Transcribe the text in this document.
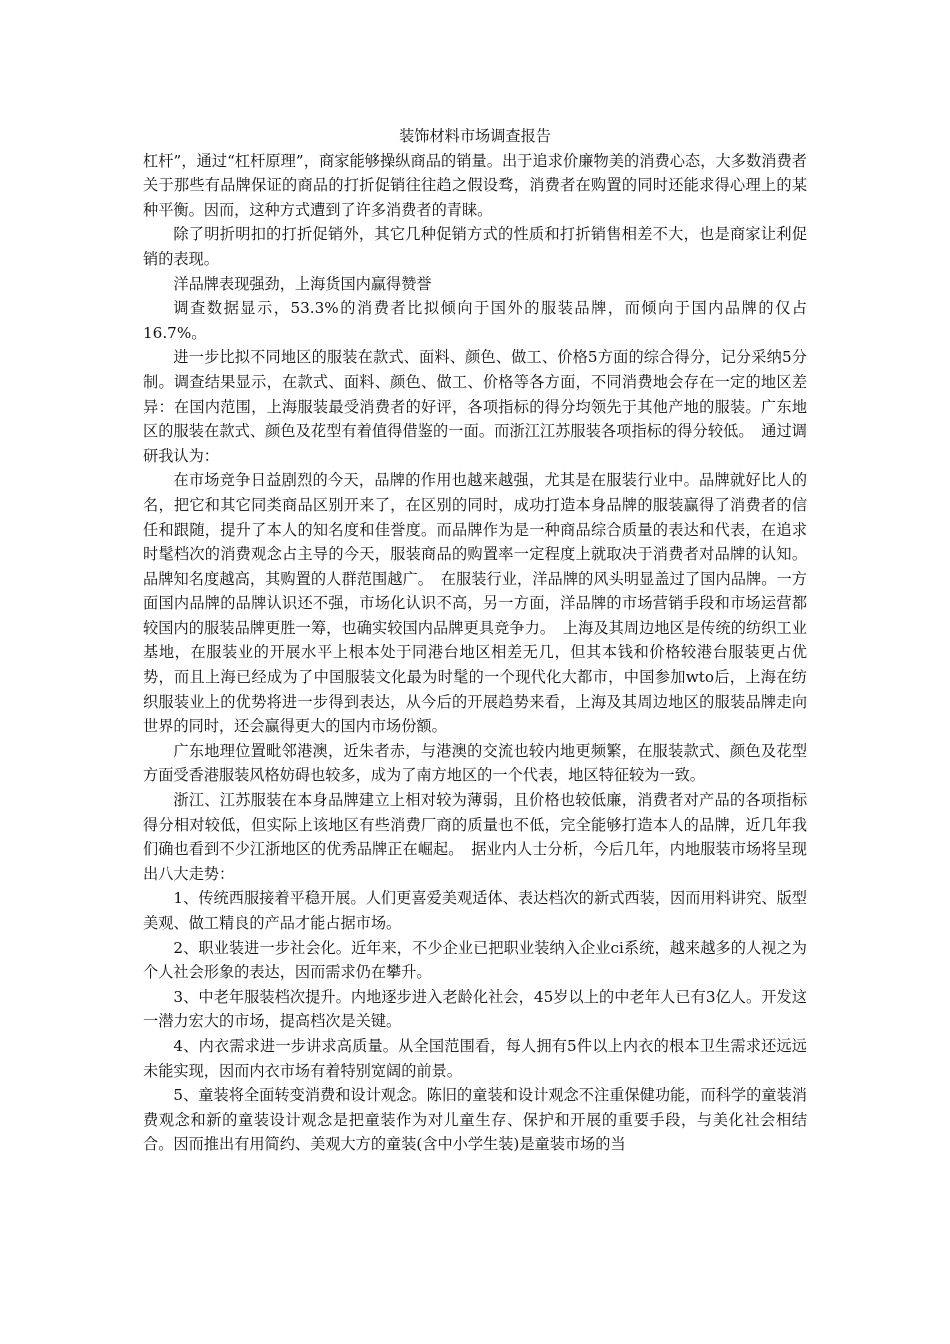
装饰材料市场调查报告

杠杆”，通过“杠杆原理”，商家能够操纵商品的销量。出于追求价廉物美的消费心态，大多数消费者关于那些有品牌保证的商品的打折促销往往趋之假设骛，消费者在购置的同时还能求得心理上的某种平衡。因而，这种方式遭到了许多消费者的青睐。

除了明折明扣的打折促销外，其它几种促销方式的性质和打折销售相差不大，也是商家让利促销的表现。

洋品牌表现强劲，上海货国内赢得赞誉

调查数据显示，53.3%的消费者比拟倾向于国外的服装品牌，而倾向于国内品牌的仅占16.7%。

进一步比拟不同地区的服装在款式、面料、颜色、做工、价格5方面的综合得分，记分采纳5分制。调查结果显示，在款式、面料、颜色、做工、价格等各方面，不同消费地会存在一定的地区差异：在国内范围，上海服装最受消费者的好评，各项指标的得分均领先于其他产地的服装。广东地区的服装在款式、颜色及花型有着值得借鉴的一面。而浙江江苏服装各项指标的得分较低。　通过调研我认为：

在市场竞争日益剧烈的今天，品牌的作用也越来越强，尤其是在服装行业中。品牌就好比人的名，把它和其它同类商品区别开来了，在区别的同时，成功打造本身品牌的服装赢得了消费者的信任和跟随，提升了本人的知名度和佳誉度。而品牌作为是一种商品综合质量的表达和代表，在追求时髦档次的消费观念占主导的今天，服装商品的购置率一定程度上就取决于消费者对品牌的认知。品牌知名度越高，其购置的人群范围越广。　在服装行业，洋品牌的风头明显盖过了国内品牌。一方面国内品牌的品牌认识还不强，市场化认识不高，另一方面，洋品牌的市场营销手段和市场运营都较国内的服装品牌更胜一筹，也确实较国内品牌更具竞争力。　上海及其周边地区是传统的纺织工业基地，在服装业的开展水平上根本处于同港台地区相差无几，但其本钱和价格较港台服装更占优势，而且上海已经成为了中国服装文化最为时髦的一个现代化大都市，中国参加wto后，上海在纺织服装业上的优势将进一步得到表达，从今后的开展趋势来看，上海及其周边地区的服装品牌走向世界的同时，还会赢得更大的国内市场份额。

广东地理位置毗邻港澳，近朱者赤，与港澳的交流也较内地更频繁，在服装款式、颜色及花型方面受香港服装风格妨碍也较多，成为了南方地区的一个代表，地区特征较为一致。

浙江、江苏服装在本身品牌建立上相对较为薄弱，且价格也较低廉，消费者对产品的各项指标得分相对较低，但实际上该地区有些消费厂商的质量也不低，完全能够打造本人的品牌，近几年我们确也看到不少江浙地区的优秀品牌正在崛起。　据业内人士分析，今后几年，内地服装市场将呈现出八大走势：

1、传统西服接着平稳开展。人们更喜爱美观适体、表达档次的新式西装，因而用料讲究、版型美观、做工精良的产品才能占据市场。

2、职业装进一步社会化。近年来，不少企业已把职业装纳入企业ci系统，越来越多的人视之为个人社会形象的表达，因而需求仍在攀升。

3、中老年服装档次提升。内地逐步进入老龄化社会，45岁以上的中老年人已有3亿人。开发这一潜力宏大的市场，提高档次是关键。

4、内衣需求进一步讲求高质量。从全国范围看，每人拥有5件以上内衣的根本卫生需求还远远未能实现，因而内衣市场有着特别宽阔的前景。

5、童装将全面转变消费和设计观念。陈旧的童装和设计观念不注重保健功能，而科学的童装消费观念和新的童装设计观念是把童装作为对儿童生存、保护和开展的重要手段，与美化社会相结合。因而推出有用简约、美观大方的童装(含中小学生装)是童装市场的当
